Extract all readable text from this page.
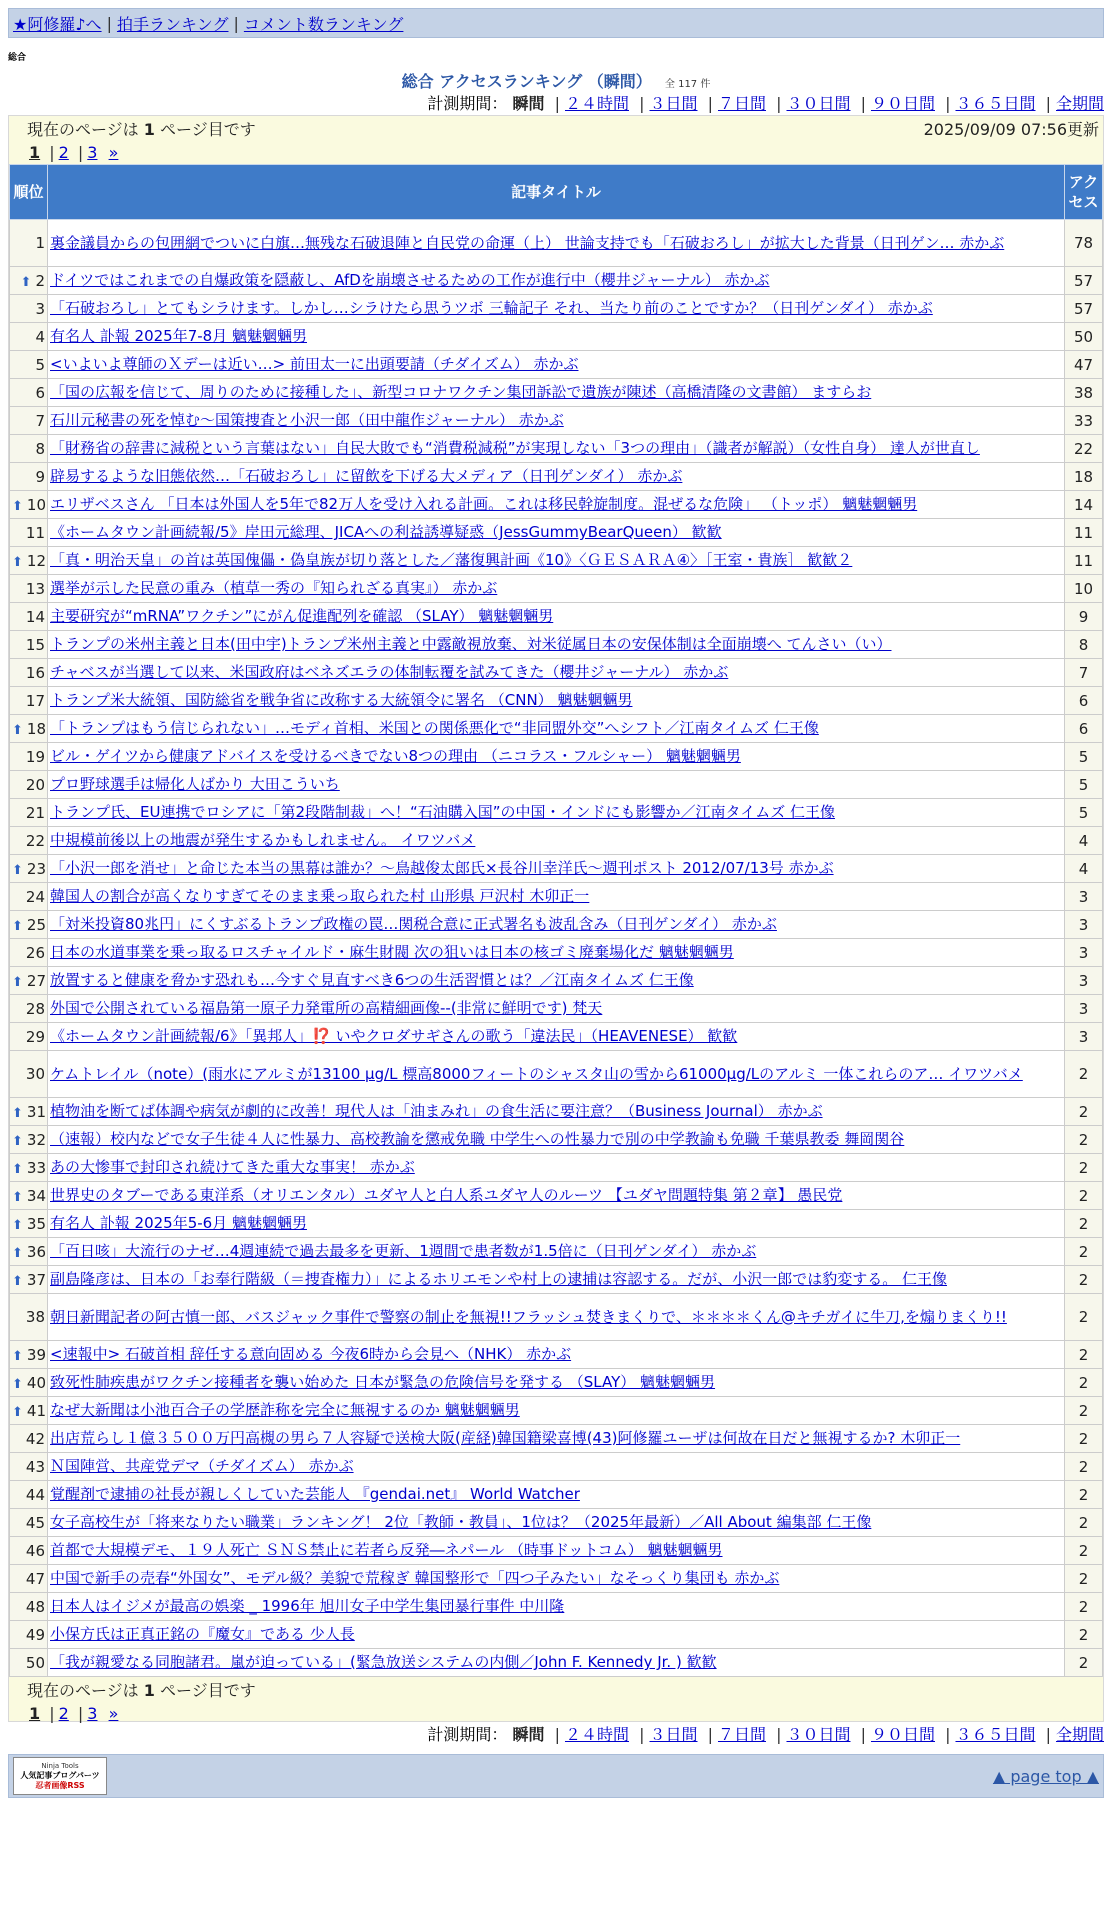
★阿修羅♪へ | 拍手ランキング | コメント数ランキング
総合
総合 アクセスランキング （瞬間） 全 117 件
計測期間： 瞬間 | ２４時間 | ３日間 | ７日間 | ３０日間 | ９０日間 | ３６５日間 | 全期間
現在のページは 1 ページ目です	2025/09/09 07:56更新
1 | 2 | 3 »
順位	記事タイトル	アクセス
1	裏金議員からの包囲網でついに白旗…無残な石破退陣と自民党の命運（上） 世論支持でも「石破おろし」が拡大した背景（日刊ゲン… 赤かぶ	78
⬆ 2	ドイツではこれまでの自爆政策を隠蔽し、AfDを崩壊させるための工作が進行中（櫻井ジャーナル） 赤かぶ	57
3	「石破おろし」とてもシラけます。しかし…シラけたら思うツボ 三輪記子 それ、当たり前のことですか？（日刊ゲンダイ） 赤かぶ	57
4	有名人 訃報 2025年7-8月 魑魅魍魎男	50
5	<いよいよ尊師のＸデーは近い…> 前田太一に出頭要請（チダイズム） 赤かぶ	47
6	「国の広報を信じて、周りのために接種した」、新型コロナワクチン集団訴訟で遺族が陳述（高橋清隆の文書館） ますらお	38
7	石川元秘書の死を悼む～国策捜査と小沢一郎（田中龍作ジャーナル） 赤かぶ	33
8	「財務省の辞書に減税という言葉はない」自民大敗でも“消費税減税”が実現しない「3つの理由」（識者が解説）（女性自身） 達人が世直し	22
9	辟易するような旧態依然…「石破おろし」に留飲を下げる大メディア（日刊ゲンダイ） 赤かぶ	18
⬆ 10	エリザベスさん 「日本は外国人を5年で82万人を受け入れる計画。これは移民幹旋制度。混ぜるな危険」 （トッポ） 魑魅魍魎男	14
11	《ホームタウン計画続報/5》岸田元総理、JICAへの利益誘導疑惑（JessGummyBearQueen） 歓歓	11
⬆ 12	「真・明治天皇」の首は英国傀儡・偽皇族が切り落とした／藩復興計画《10》〈ＧＥＳＡＲＡ④〉［王室・貴族］ 歓歓２	11
13	選挙が示した民意の重み（植草一秀の『知られざる真実』） 赤かぶ	10
14	主要研究が“mRNA”ワクチン”にがん促進配列を確認 （SLAY） 魑魅魍魎男	9
15	トランプの米州主義と日本(田中宇)トランプ米州主義と中露敵視放棄、対米従属日本の安保体制は全面崩壊へ てんさい（い）	8
16	チャベスが当選して以来、米国政府はベネズエラの体制転覆を試みてきた（櫻井ジャーナル） 赤かぶ	7
17	トランプ米大統領、国防総省を戦争省に改称する大統領令に署名 （CNN） 魑魅魍魎男	6
⬆ 18	「トランプはもう信じられない」…モディ首相、米国との関係悪化で“非同盟外交”へシフト／江南タイムズ 仁王像	6
19	ビル・ゲイツから健康アドバイスを受けるべきでない8つの理由 （ニコラス・フルシャー） 魑魅魍魎男	5
20	プロ野球選手は帰化人ばかり 大田こういち	5
21	トランプ氏、EU連携でロシアに「第2段階制裁」へ！“石油購入国”の中国・インドにも影響か／江南タイムズ 仁王像	5
22	中規模前後以上の地震が発生するかもしれません。 イワツバメ	4
⬆ 23	「小沢一郎を消せ」と命じた本当の黒幕は誰か？～鳥越俊太郎氏×長谷川幸洋氏～週刊ポスト 2012/07/13号 赤かぶ	4
24	韓国人の割合が高くなりすぎてそのまま乗っ取られた村 山形県 戸沢村 木卯正一	3
⬆ 25	「対米投資80兆円」にくすぶるトランプ政権の罠…関税合意に正式署名も波乱含み（日刊ゲンダイ） 赤かぶ	3
26	日本の水道事業を乗っ取るロスチャイルド・麻生財閥 次の狙いは日本の核ゴミ廃棄場化だ 魑魅魍魎男	3
⬆ 27	放置すると健康を脅かす恐れも…今すぐ見直すべき6つの生活習慣とは？／江南タイムズ 仁王像	3
28	外国で公開されている福島第一原子力発電所の高精細画像--(非常に鮮明です) 梵天	3
29	《ホームタウン計画続報/6》「異邦人」⁉️ いやクロダサギさんの歌う「違法民」（HEAVENESE） 歓歓	3
30	ケムトレイル（note）(雨水にアルミが13100 μg/L 標高8000フィートのシャスタ山の雪から61000μg/Lのアルミ 一体これらのア… イワツバメ	2
⬆ 31	植物油を断てば体調や病気が劇的に改善！現代人は「油まみれ」の食生活に要注意？（Business Journal） 赤かぶ	2
⬆ 32	（速報）校内などで女子生徒４人に性暴力、高校教諭を懲戒免職 中学生への性暴力で別の中学教諭も免職 千葉県教委 舞岡関谷	2
⬆ 33	あの大惨事で封印され続けてきた重大な事実！ 赤かぶ	2
⬆ 34	世界史のタブーである東洋系（オリエンタル）ユダヤ人と白人系ユダヤ人のルーツ 【ユダヤ問題特集 第２章】 愚民党	2
⬆ 35	有名人 訃報 2025年5-6月 魑魅魍魎男	2
⬆ 36	「百日咳」大流行のナゼ…4週連続で過去最多を更新、1週間で患者数が1.5倍に（日刊ゲンダイ） 赤かぶ	2
⬆ 37	副島隆彦は、日本の「お奉行階級（＝捜査権力）」によるホリエモンや村上の逮捕は容認する。だが、小沢一郎では豹変する。 仁王像	2
38	朝日新聞記者の阿古慎一郎、バスジャック事件で警察の制止を無視!!フラッシュ焚きまくりで、＊＊＊＊くん@キチガイに牛刀,を煽りまくり!!	2
⬆ 39	<速報中> 石破首相 辞任する意向固める 今夜6時から会見へ（NHK） 赤かぶ	2
⬆ 40	致死性肺疾患がワクチン接種者を襲い始めた 日本が緊急の危険信号を発する （SLAY） 魑魅魍魎男	2
⬆ 41	なぜ大新聞は小池百合子の学歴詐称を完全に無視するのか 魑魅魍魎男	2
42	出店荒らし１億３５００万円高槻の男ら７人容疑で送検大阪(産経)韓国籍梁喜博(43)阿修羅ユーザは何故在日だと無視するか? 木卯正一	2
43	Ｎ国陣営、共産党デマ（チダイズム） 赤かぶ	2
44	覚醒剤で逮捕の社長が親しくしていた芸能人 『gendai.net』 World Watcher	2
45	女子高校生が「将来なりたい職業」ランキング！ 2位「教師・教員」、1位は？（2025年最新）／All About 編集部 仁王像	2
46	首都で大規模デモ、１９人死亡 ＳＮＳ禁止に若者ら反発―ネパール （時事ドットコム） 魑魅魍魎男	2
47	中国で新手の売春“外国女”、モデル級？美貌で荒稼ぎ 韓国整形で「四つ子みたい」なそっくり集団も 赤かぶ	2
48	日本人はイジメが最高の娯楽 _ 1996年 旭川女子中学生集団暴行事件 中川隆	2
49	小保方氏は正真正銘の『魔女』である 少人長	2
50	「我が親愛なる同胞諸君。嵐が迫っている」(緊急放送システムの内側／John F. Kennedy Jr. ) 歓歓	2
現在のページは 1 ページ目です
1 | 2 | 3 »
計測期間： 瞬間 | ２４時間 | ３日間 | ７日間 | ３０日間 | ９０日間 | ３６５日間 | 全期間
Ninja Tools
人気記事ブログパーツ
忍者画像RSS	▲ page top ▲
